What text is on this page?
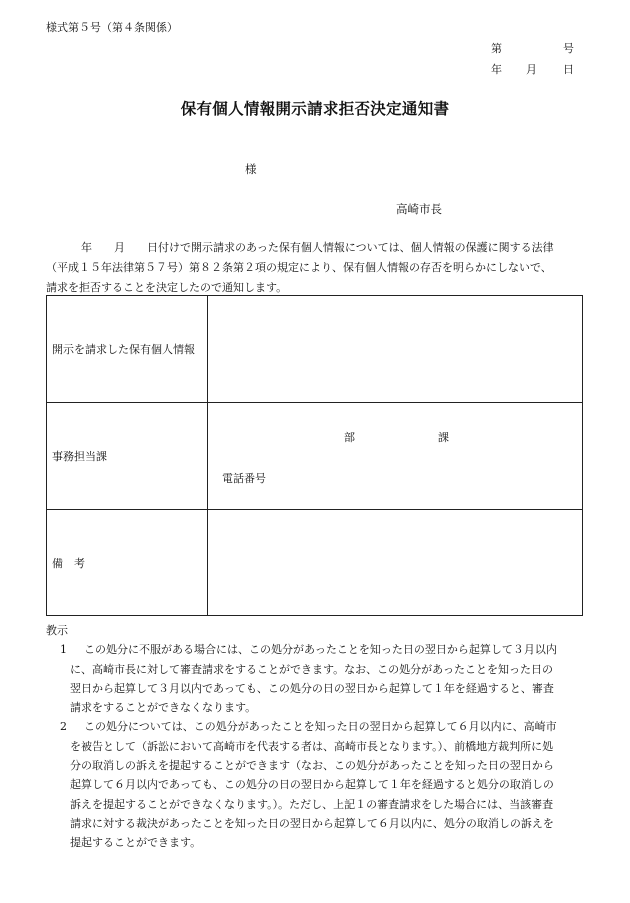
様式第５号（第４条関係）
第	号
年 月 日
保有個人情報開示請求拒否決定通知書
様
高崎市長
年　　月　　日付けで開示請求のあった保有個人情報については、個人情報の保護に関する法律
（平成１５年法律第５７号）第８２条第２項の規定により、保有個人情報の存否を明らかにしないで、
請求を拒否することを決定したので通知します。
開示を請求した保有個人情報	
事務担当課	部 課
電話番号

備　考	
教示
1	この処分に不服がある場合には、この処分があったことを知った日の翌日から起算して３月以内
に、高崎市長に対して審査請求をすることができます。なお、この処分があったことを知った日の
翌日から起算して３月以内であっても、この処分の日の翌日から起算して１年を経過すると、審査
請求をすることができなくなります。
2	この処分については、この処分があったことを知った日の翌日から起算して６月以内に、高崎市
を被告として（訴訟において高崎市を代表する者は、高崎市長となります。）、前橋地方裁判所に処
分の取消しの訴えを提起することができます（なお、この処分があったことを知った日の翌日から
起算して６月以内であっても、この処分の日の翌日から起算して１年を経過すると処分の取消しの
訴えを提起することができなくなります。）。ただし、上記１の審査請求をした場合には、当該審査
請求に対する裁決があったことを知った日の翌日から起算して６月以内に、処分の取消しの訴えを
提起することができます。
